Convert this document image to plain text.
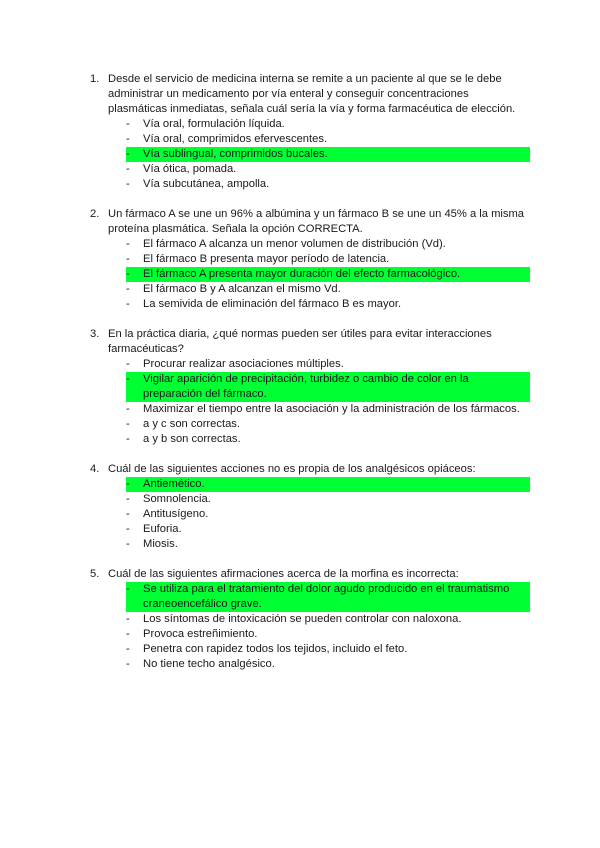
1. Desde el servicio de medicina interna se remite a un paciente al que se le debe administrar un medicamento por vía enteral y conseguir concentraciones plasmáticas inmediatas, señala cuál sería la vía y forma farmacéutica de elección.
-	Vía oral, formulación líquida.
-	Vía oral, comprimidos efervescentes.
-	Vía sublingual, comprimidos bucales.
-	Vía ótica, pomada.
-	Vía subcutánea, ampolla.
2. Un fármaco A se une un 96% a albúmina y un fármaco B se une un 45% a la misma proteína plasmática. Señala la opción CORRECTA.
-	El fármaco A alcanza un menor volumen de distribución (Vd).
-	El fármaco B presenta mayor período de latencia.
-	El fármaco A presenta mayor duración del efecto farmacológico.
-	El fármaco B y A alcanzan el mismo Vd.
-	La semivida de eliminación del fármaco B es mayor.
3. En la práctica diaria, ¿qué normas pueden ser útiles para evitar interacciones farmacéuticas?
-	Procurar realizar asociaciones múltiples.
-	Vigilar aparición de precipitación, turbidez o cambio de color en la preparación del fármaco.
-	Maximizar el tiempo entre la asociación y la administración de los fármacos.
-	a y c son correctas.
-	a y b son correctas.
4. Cuál de las siguientes acciones no es propia de los analgésicos opiáceos:
-	Antiemético.
-	Somnolencia.
-	Antitusígeno.
-	Euforia.
-	Miosis.
5. Cuál de las siguientes afirmaciones acerca de la morfina es incorrecta:
-	Se utiliza para el tratamiento del dolor agudo producido en el traumatismo craneoencefálico grave.
-	Los síntomas de intoxicación se pueden controlar con naloxona.
-	Provoca estreñimiento.
-	Penetra con rapidez todos los tejidos, incluido el feto.
-	No tiene techo analgésico.
